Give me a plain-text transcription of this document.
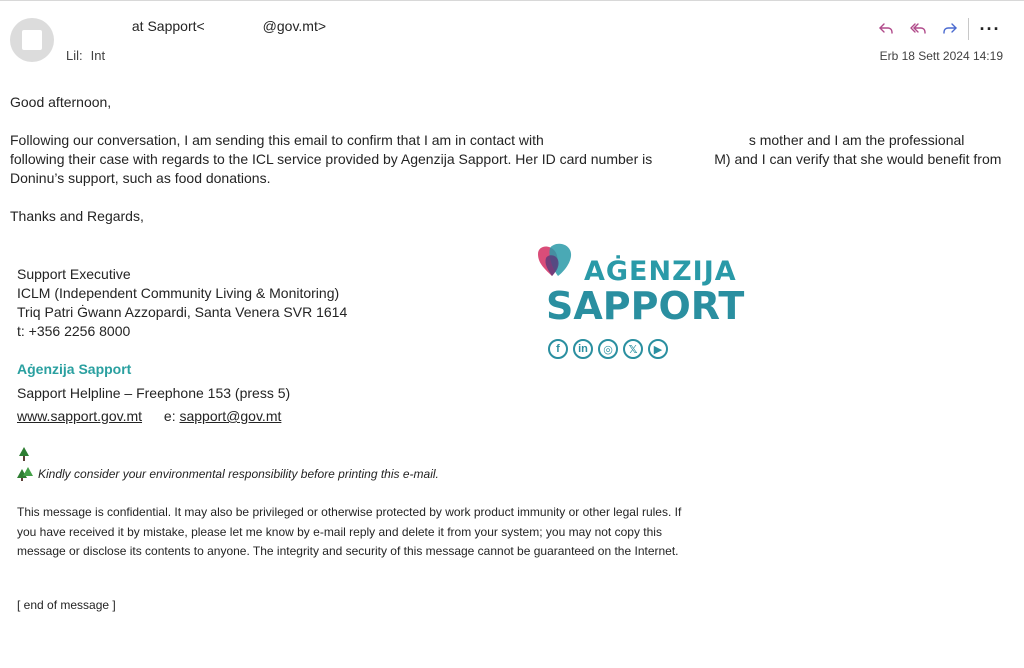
at Sapport<	@gov.mt>
Lil: Int	Erb 18 Sett 2024 14:19
···
Good afternoon,
Following our conversation, I am sending this email to confirm that I am in contact with	s mother and I am the professional following their case with regards to the ICL service provided by Agenzija Sapport. Her ID card number is	M) and I can verify that she would benefit from Doninu’s support, such as food donations.
Thanks and Regards,
Support Executive
ICLM (Independent Community Living & Monitoring)
Triq Patri Ġwann Azzopardi, Santa Venera SVR 1614
t: +356 2256 8000
Aġenzija Sapport
Sapport Helpline – Freephone 153 (press 5)
www.sapport.gov.mt e: sapport@gov.mt
AĠENZIJA
SAPPORT
f	in	◎	𝕏	▶
Kindly consider your environmental responsibility before printing this e-mail.
This message is confidential. It may also be privileged or otherwise protected by work product immunity or other legal rules. If you have received it by mistake, please let me know by e-mail reply and delete it from your system; you may not copy this message or disclose its contents to anyone. The integrity and security of this message cannot be guaranteed on the Internet.
[ end of message ]
